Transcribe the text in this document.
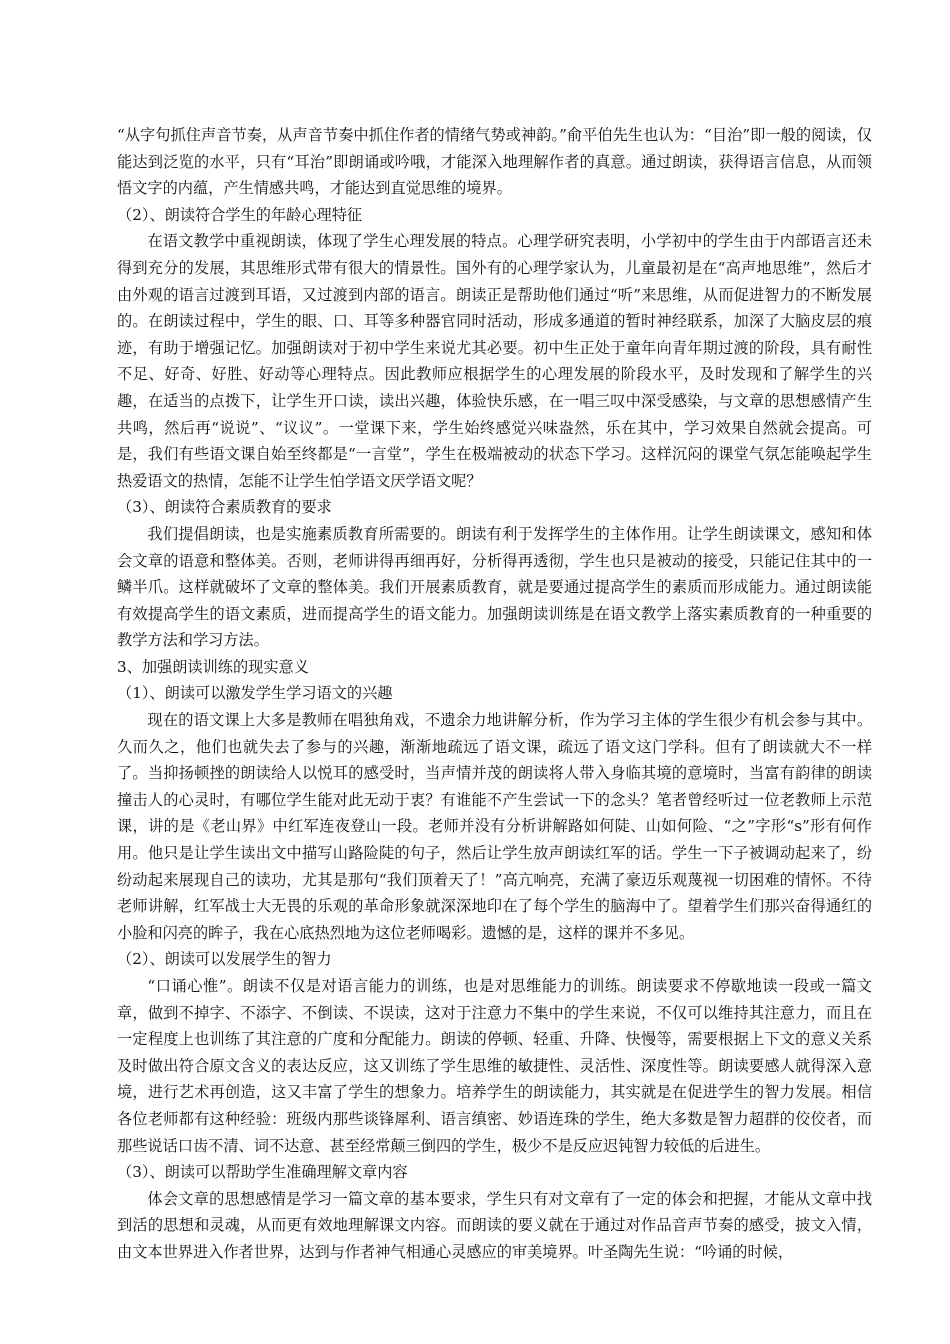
“从字句抓住声音节奏，从声音节奏中抓住作者的情绪气势或神韵。”俞平伯先生也认为：“目治”即一般的阅读，仅能达到泛览的水平，只有“耳治”即朗诵或吟哦，才能深入地理解作者的真意。通过朗读，获得语言信息，从而领悟文字的内蕴，产生情感共鸣，才能达到直觉思维的境界。

（2）、朗读符合学生的年龄心理特征

在语文教学中重视朗读，体现了学生心理发展的特点。心理学研究表明，小学初中的学生由于内部语言还未得到充分的发展，其思维形式带有很大的情景性。国外有的心理学家认为，儿童最初是在“高声地思维”，然后才由外观的语言过渡到耳语，又过渡到内部的语言。朗读正是帮助他们通过“听”来思维，从而促进智力的不断发展的。在朗读过程中，学生的眼、口、耳等多种器官同时活动，形成多通道的暂时神经联系，加深了大脑皮层的痕迹，有助于增强记忆。加强朗读对于初中学生来说尤其必要。初中生正处于童年向青年期过渡的阶段，具有耐性不足、好奇、好胜、好动等心理特点。因此教师应根据学生的心理发展的阶段水平，及时发现和了解学生的兴趣，在适当的点拨下，让学生开口读，读出兴趣，体验快乐感，在一唱三叹中深受感染，与文章的思想感情产生共鸣，然后再“说说”、“议议”。一堂课下来，学生始终感觉兴味盎然，乐在其中，学习效果自然就会提高。可是，我们有些语文课自始至终都是“一言堂”，学生在极端被动的状态下学习。这样沉闷的课堂气氛怎能唤起学生热爱语文的热情，怎能不让学生怕学语文厌学语文呢？

（3）、朗读符合素质教育的要求

我们提倡朗读，也是实施素质教育所需要的。朗读有利于发挥学生的主体作用。让学生朗读课文，感知和体会文章的语意和整体美。否则，老师讲得再细再好，分析得再透彻，学生也只是被动的接受，只能记住其中的一鳞半爪。这样就破坏了文章的整体美。我们开展素质教育，就是要通过提高学生的素质而形成能力。通过朗读能有效提高学生的语文素质，进而提高学生的语文能力。加强朗读训练是在语文教学上落实素质教育的一种重要的教学方法和学习方法。

3、加强朗读训练的现实意义

（1）、朗读可以激发学生学习语文的兴趣

现在的语文课上大多是教师在唱独角戏，不遗余力地讲解分析，作为学习主体的学生很少有机会参与其中。久而久之，他们也就失去了参与的兴趣，渐渐地疏远了语文课，疏远了语文这门学科。但有了朗读就大不一样了。当抑扬顿挫的朗读给人以悦耳的感受时，当声情并茂的朗读将人带入身临其境的意境时，当富有韵律的朗读撞击人的心灵时，有哪位学生能对此无动于衷？有谁能不产生尝试一下的念头？笔者曾经听过一位老教师上示范课，讲的是《老山界》中红军连夜登山一段。老师并没有分析讲解路如何陡、山如何险、“之”字形“s”形有何作用。他只是让学生读出文中描写山路险陡的句子，然后让学生放声朗读红军的话。学生一下子被调动起来了，纷纷动起来展现自己的读功，尤其是那句“我们顶着天了！”高亢响亮，充满了豪迈乐观蔑视一切困难的情怀。不待老师讲解，红军战士大无畏的乐观的革命形象就深深地印在了每个学生的脑海中了。望着学生们那兴奋得通红的小脸和闪亮的眸子，我在心底热烈地为这位老师喝彩。遗憾的是，这样的课并不多见。

（2）、朗读可以发展学生的智力

“口诵心惟”。朗读不仅是对语言能力的训练，也是对思维能力的训练。朗读要求不停歇地读一段或一篇文章，做到不掉字、不添字、不倒读、不误读，这对于注意力不集中的学生来说，不仅可以维持其注意力，而且在一定程度上也训练了其注意的广度和分配能力。朗读的停顿、轻重、升降、快慢等，需要根据上下文的意义关系及时做出符合原文含义的表达反应，这又训练了学生思维的敏捷性、灵活性、深度性等。朗读要感人就得深入意境，进行艺术再创造，这又丰富了学生的想象力。培养学生的朗读能力，其实就是在促进学生的智力发展。相信各位老师都有这种经验：班级内那些谈锋犀利、语言缜密、妙语连珠的学生，绝大多数是智力超群的佼佼者，而那些说话口齿不清、词不达意、甚至经常颠三倒四的学生，极少不是反应迟钝智力较低的后进生。

（3）、朗读可以帮助学生准确理解文章内容

体会文章的思想感情是学习一篇文章的基本要求，学生只有对文章有了一定的体会和把握，才能从文章中找到活的思想和灵魂，从而更有效地理解课文内容。而朗读的要义就在于通过对作品音声节奏的感受，披文入情，由文本世界进入作者世界，达到与作者神气相通心灵感应的审美境界。叶圣陶先生说：“吟诵的时候，
